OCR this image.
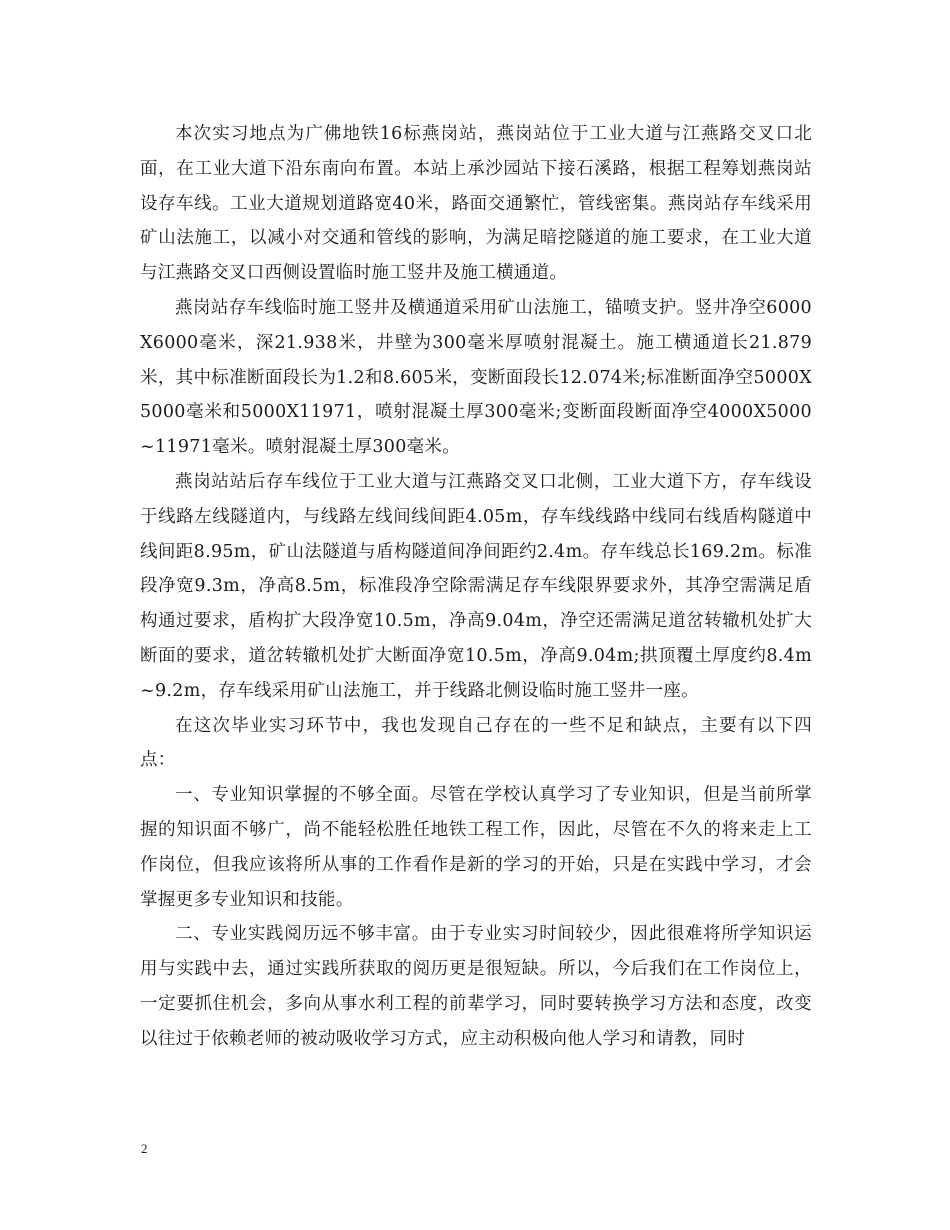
本次实习地点为广佛地铁16标燕岗站，燕岗站位于工业大道与江燕路交叉口北面，在工业大道下沿东南向布置。本站上承沙园站下接石溪路，根据工程筹划燕岗站设存车线。工业大道规划道路宽40米，路面交通繁忙，管线密集。燕岗站存车线采用矿山法施工，以减小对交通和管线的影响，为满足暗挖隧道的施工要求，在工业大道与江燕路交叉口西侧设置临时施工竖井及施工横通道。

燕岗站存车线临时施工竖井及横通道采用矿山法施工，锚喷支护。竖井净空6000X6000毫米，深21.938米，井壁为300毫米厚喷射混凝土。施工横通道长21.879米，其中标准断面段长为1.2和8.605米，变断面段长12.074米;标准断面净空5000X5000毫米和5000X11971，喷射混凝土厚300毫米;变断面段断面净空4000X5000~11971毫米。喷射混凝土厚300毫米。

燕岗站站后存车线位于工业大道与江燕路交叉口北侧，工业大道下方，存车线设于线路左线隧道内，与线路左线间线间距4.05m，存车线线路中线同右线盾构隧道中线间距8.95m，矿山法隧道与盾构隧道间净间距约2.4m。存车线总长169.2m。标准段净宽9.3m，净高8.5m，标准段净空除需满足存车线限界要求外，其净空需满足盾构通过要求，盾构扩大段净宽10.5m，净高9.04m，净空还需满足道岔转辙机处扩大断面的要求，道岔转辙机处扩大断面净宽10.5m，净高9.04m;拱顶覆土厚度约8.4m~9.2m，存车线采用矿山法施工，并于线路北侧设临时施工竖井一座。

在这次毕业实习环节中，我也发现自己存在的一些不足和缺点，主要有以下四点：

一、专业知识掌握的不够全面。尽管在学校认真学习了专业知识，但是当前所掌握的知识面不够广，尚不能轻松胜任地铁工程工作，因此，尽管在不久的将来走上工作岗位，但我应该将所从事的工作看作是新的学习的开始，只是在实践中学习，才会掌握更多专业知识和技能。

二、专业实践阅历远不够丰富。由于专业实习时间较少，因此很难将所学知识运用与实践中去，通过实践所获取的阅历更是很短缺。所以，今后我们在工作岗位上，一定要抓住机会，多向从事水利工程的前辈学习，同时要转换学习方法和态度，改变以往过于依赖老师的被动吸收学习方式，应主动积极向他人学习和请教，同时

2
